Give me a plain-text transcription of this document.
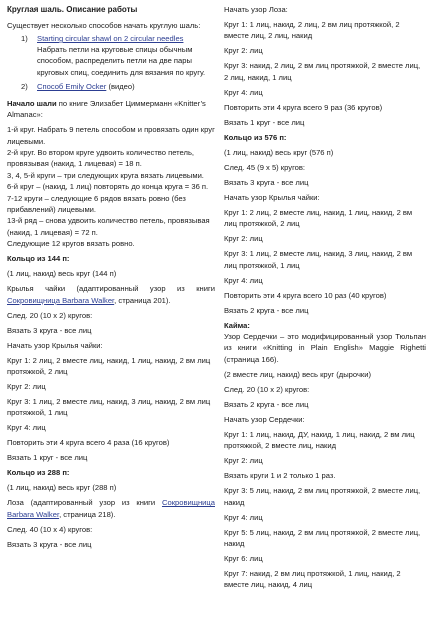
Круглая шаль. Описание работы

Существует несколько способов начать круглую шаль:

1) Starting circular shawl on 2 circular needles Набрать петли на круговые спицы обычным способом, распределить петли на две пары круговых спиц, соединить для вязания по кругу.
2) Способ Emily Ocker (видео)

Начало шали по книге Элизабет Циммерманн «Knitter’s Almanac»:

1-й круг. Набрать 9 петель способом и провязать один круг лицевыми.

2-й круг. Во втором круге удвоить количество петель, провязывая (накид, 1 лицевая) = 18 п.

3, 4, 5-й круги – три следующих круга вязать лицевыми.

6-й круг – (накид, 1 лиц) повторять до конца круга = 36 п.

7-12 круги – следующие 6 рядов вязать ровно (без прибавлений) лицевыми.

13-й ряд – снова удвоить количество петель, провязывая (накид, 1 лицевая) = 72 п.

Следующие 12 кругов вязать ровно.

Кольцо из 144 п:

(1 лиц, накид) весь круг (144 п)

Крылья чайки (адаптированный узор из книги Сокровищница Barbara Walker, страница 201).

След. 20 (10 х 2) кругов:

Вязать 3 круга - все лиц

Начать узор Крылья чайки:

Круг 1: 2 лиц, 2 вместе лиц, накид, 1 лиц, накид, 2 вм лиц протяжкой, 2 лиц

Круг 2: лиц

Круг 3: 1 лиц, 2 вместе лиц, накид, 3 лиц, накид, 2 вм лиц протяжкой, 1 лиц

Круг 4: лиц

Повторить эти 4 круга всего 4 раза (16 кругов)

Вязать 1 круг - все лиц

Кольцо из 288 п:

(1 лиц, накид) весь круг (288 п)

Лоза (адаптированный узор из книги Сокровищница Barbara Walker, страница 218).

След. 40 (10 х 4) кругов:

Вязать 3 круга - все лиц

Начать узор Лоза:

Круг 1: 1 лиц, накид, 2 лиц, 2 вм лиц протяжкой, 2 вместе лиц, 2 лиц, накид

Круг 2: лиц

Круг 3: накид, 2 лиц, 2 вм лиц протяжкой, 2 вместе лиц, 2 лиц, накид, 1 лиц

Круг 4: лиц

Повторить эти 4 круга всего 9 раз (36 кругов)

Вязать 1 круг - все лиц

Кольцо из 576 п:

(1 лиц, накид) весь круг (576 п)

След. 45 (9 х 5) кругов:

Вязать 3 круга - все лиц

Начать узор Крылья чайки:

Круг 1: 2 лиц, 2 вместе лиц, накид, 1 лиц, накид, 2 вм лиц протяжкой, 2 лиц

Круг 2: лиц

Круг 3: 1 лиц, 2 вместе лиц, накид, 3 лиц, накид, 2 вм лиц протяжкой, 1 лиц

Круг 4: лиц

Повторить эти 4 круга всего 10 раз (40 кругов)

Вязать 2 круга - все лиц

Кайма:

Узор Сердечки – это модифицированный узор Тюльпан из книги «Knitting in Plain English» Maggie Righetti (страница 166).

(2 вместе лиц, накид) весь круг (дырочки)

След. 20 (10 х 2) кругов:

Вязать 2 круга - все лиц

Начать узор Сердечки:

Круг 1: 1 лиц, накид, ДУ, накид, 1 лиц, накид, 2 вм лиц протяжкой, 2 вместе лиц, накид

Круг 2: лиц

Вязать круги 1 и 2 только 1 раз.

Круг 3: 5 лиц, накид, 2 вм лиц протяжкой, 2 вместе лиц, накид

Круг 4: лиц

Круг 5: 5 лиц, накид, 2 вм лиц протяжкой, 2 вместе лиц, накид

Круг 6: лиц

Круг 7: накид, 2 вм лиц протяжкой, 1 лиц, накид, 2 вместе лиц, накид, 4 лиц
